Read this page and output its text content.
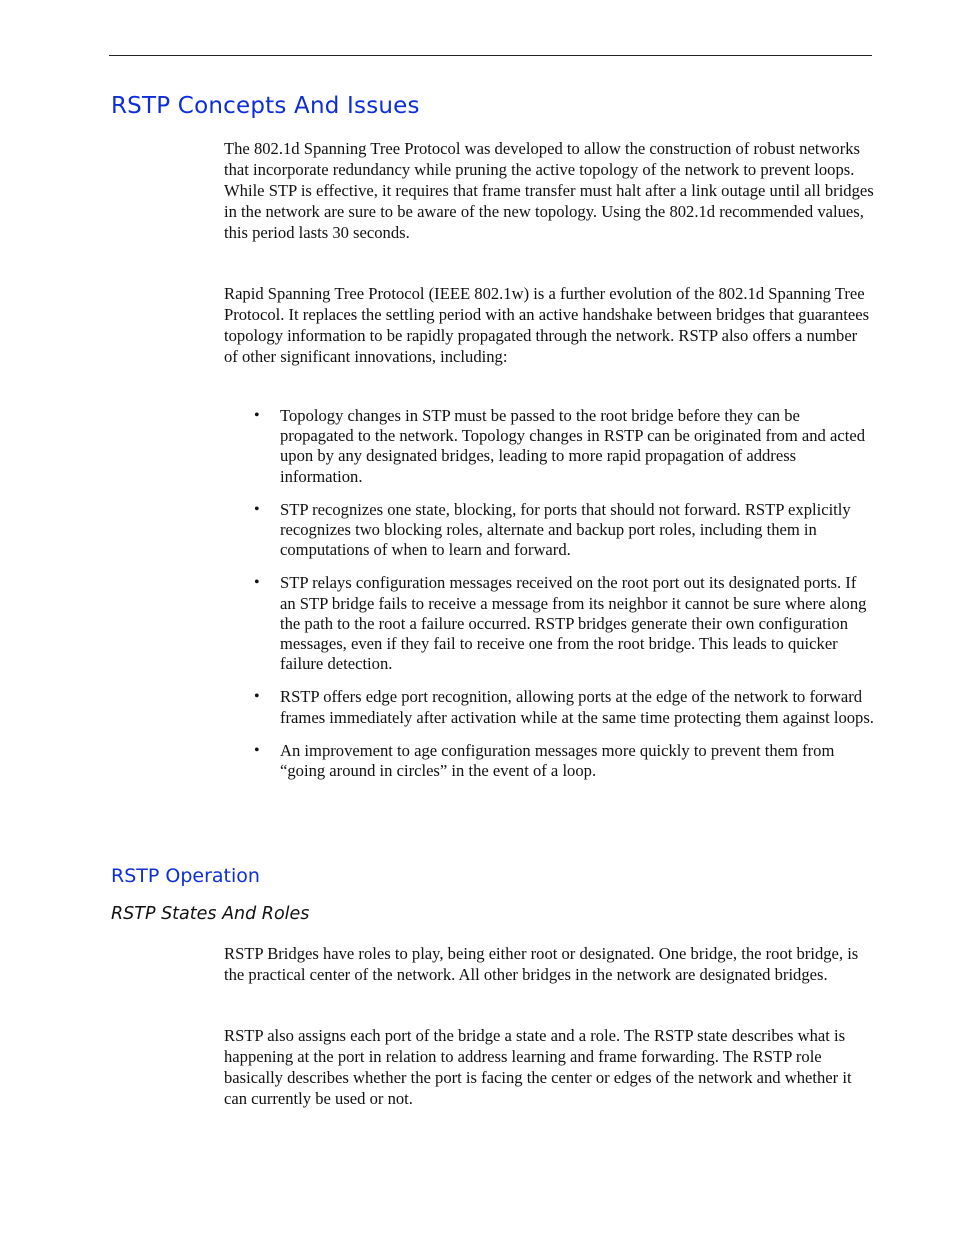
RSTP Concepts And Issues

The 802.1d Spanning Tree Protocol was developed to allow the construction of robust networks that incorporate redundancy while pruning the active topology of the network to prevent loops. While STP is effective, it requires that frame transfer must halt after a link outage until all bridges in the network are sure to be aware of the new topology. Using the 802.1d recommended values, this period lasts 30 seconds.

Rapid Spanning Tree Protocol (IEEE 802.1w) is a further evolution of the 802.1d Spanning Tree Protocol. It replaces the settling period with an active handshake between bridges that guarantees topology information to be rapidly propagated through the network. RSTP also offers a number of other significant innovations, including:

• Topology changes in STP must be passed to the root bridge before they can be propagated to the network. Topology changes in RSTP can be originated from and acted upon by any designated bridges, leading to more rapid propagation of address information.
• STP recognizes one state, blocking, for ports that should not forward. RSTP explicitly recognizes two blocking roles, alternate and backup port roles, including them in computations of when to learn and forward.
• STP relays configuration messages received on the root port out its designated ports. If an STP bridge fails to receive a message from its neighbor it cannot be sure where along the path to the root a failure occurred. RSTP bridges generate their own configuration messages, even if they fail to receive one from the root bridge. This leads to quicker failure detection.
• RSTP offers edge port recognition, allowing ports at the edge of the network to forward frames immediately after activation while at the same time protecting them against loops.
• An improvement to age configuration messages more quickly to prevent them from “going around in circles” in the event of a loop.
RSTP Operation
RSTP States And Roles

RSTP Bridges have roles to play, being either root or designated. One bridge, the root bridge, is the practical center of the network. All other bridges in the network are designated bridges.

RSTP also assigns each port of the bridge a state and a role. The RSTP state describes what is happening at the port in relation to address learning and frame forwarding. The RSTP role basically describes whether the port is facing the center or edges of the network and whether it can currently be used or not.
